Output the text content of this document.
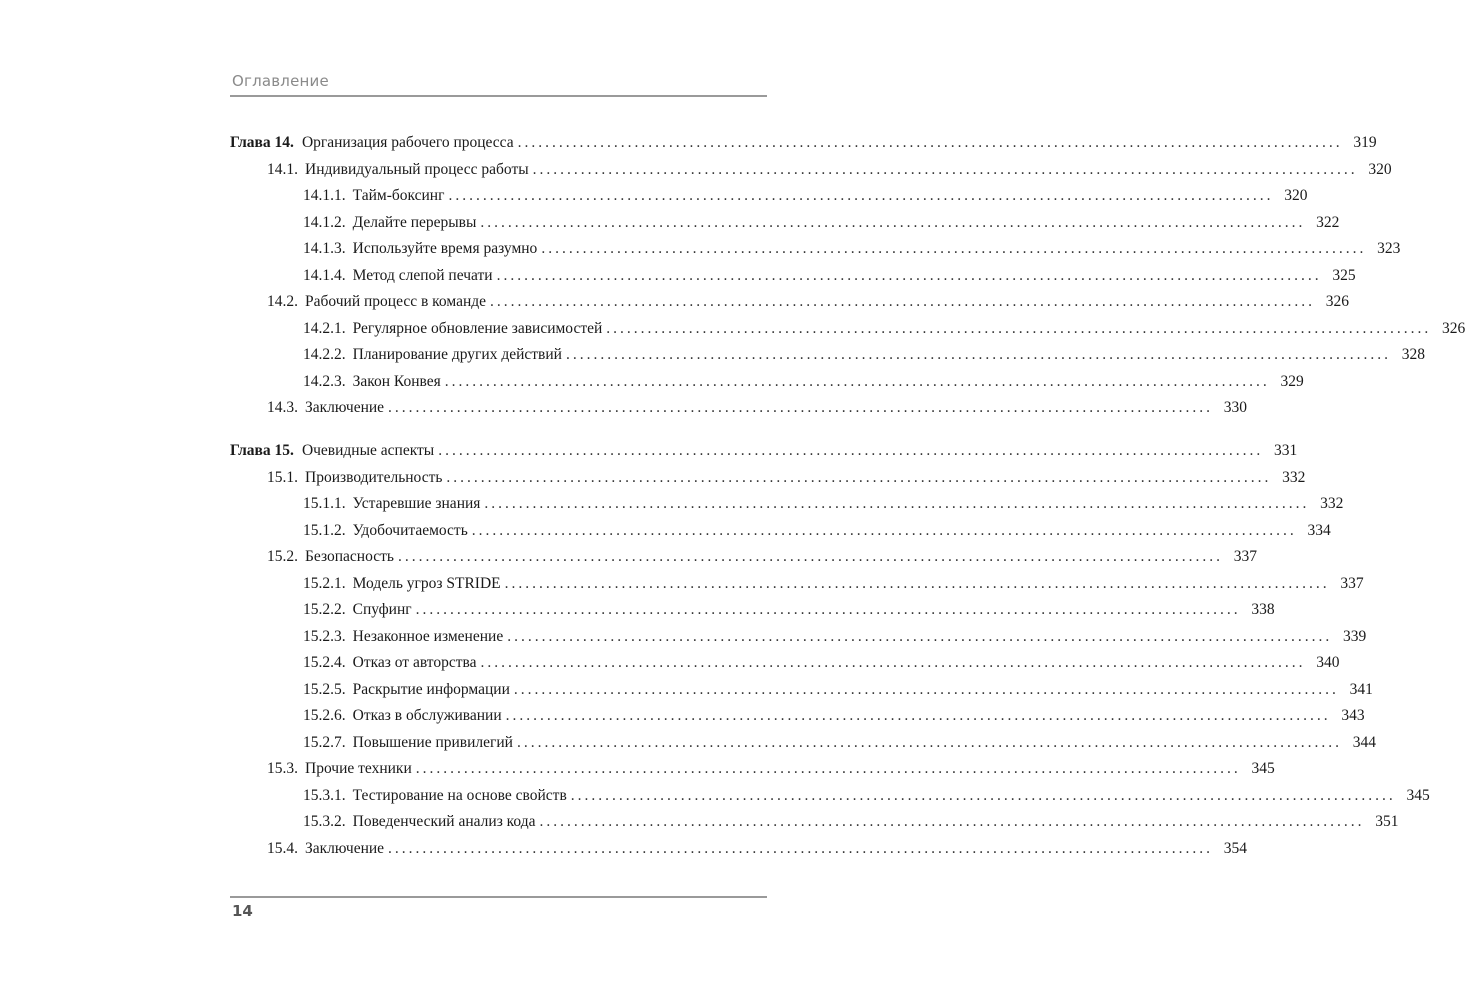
Оглавление
Глава 14. Организация рабочего процесса ........................................................................................................................ 319
14.1. Индивидуальный процесс работы ........................................................................................................................ 320
14.1.1. Тайм-боксинг ........................................................................................................................ 320
14.1.2. Делайте перерывы ........................................................................................................................ 322
14.1.3. Используйте время разумно ........................................................................................................................ 323
14.1.4. Метод слепой печати ........................................................................................................................ 325
14.2. Рабочий процесс в команде ........................................................................................................................ 326
14.2.1. Регулярное обновление зависимостей ........................................................................................................................ 326
14.2.2. Планирование других действий ........................................................................................................................ 328
14.2.3. Закон Конвея ........................................................................................................................ 329
14.3. Заключение ........................................................................................................................ 330
Глава 15. Очевидные аспекты ........................................................................................................................ 331
15.1. Производительность ........................................................................................................................ 332
15.1.1. Устаревшие знания ........................................................................................................................ 332
15.1.2. Удобочитаемость ........................................................................................................................ 334
15.2. Безопасность ........................................................................................................................ 337
15.2.1. Модель угроз STRIDE ........................................................................................................................ 337
15.2.2. Спуфинг ........................................................................................................................ 338
15.2.3. Незаконное изменение ........................................................................................................................ 339
15.2.4. Отказ от авторства ........................................................................................................................ 340
15.2.5. Раскрытие информации ........................................................................................................................ 341
15.2.6. Отказ в обслуживании ........................................................................................................................ 343
15.2.7. Повышение привилегий ........................................................................................................................ 344
15.3. Прочие техники ........................................................................................................................ 345
15.3.1. Тестирование на основе свойств ........................................................................................................................ 345
15.3.2. Поведенческий анализ кода ........................................................................................................................ 351
15.4. Заключение ........................................................................................................................ 354
14
